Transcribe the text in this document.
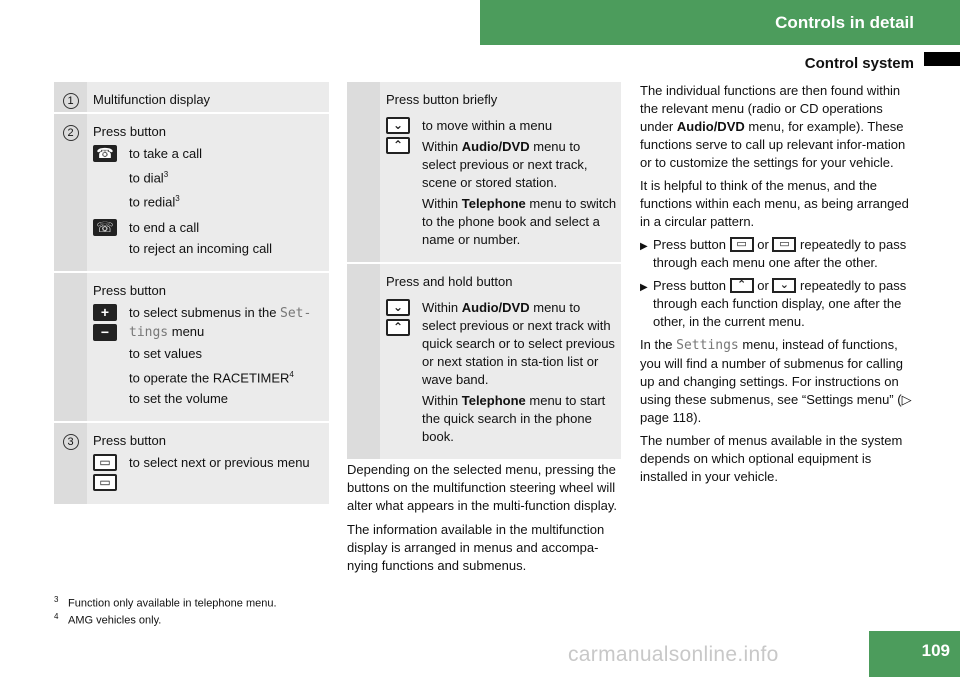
Controls in detail
Control system
1	Multifunction display
2	Press button
☎ to take a call

to dial$^3$

to redial$^3$

☏ to end a call

to reject an incoming call

Press button
+
−

to select submenus in the Set-tings menu

to set values

to operate the RACETIMER$^4$

to set the volume

3	Press button
▭
▭
to select next or previous menu
Press button briefly
⌄
⌃

to move within a menu

Within Audio/DVD menu to select previous or next track, scene or stored station.

Within Telephone menu to switch to the phone book and select a name or number.

Press and hold button
⌄
⌃

Within Audio/DVD menu to select previous or next track with quick search or to select previous or next station in sta-tion list or wave band.

Within Telephone menu to start the quick search in the phone book.

Depending on the selected menu, pressing the buttons on the multifunction steering wheel will alter what appears in the multi-function display.

The information available in the multifunction display is arranged in menus and accompa-nying functions and submenus.

The individual functions are then found within the relevant menu (radio or CD operations under Audio/DVD menu, for example). These functions serve to call up relevant infor-mation or to customize the settings for your vehicle.

It is helpful to think of the menus, and the functions within each menu, as being arranged in a circular pattern.

▶ Press button ▭ or ▭ repeatedly to pass through each menu one after the other.

▶ Press button ⌃ or ⌄ repeatedly to pass through each function display, one after the other, in the current menu.

In the Settings menu, instead of functions, you will find a number of submenus for calling up and changing settings. For instructions on using these submenus, see “Settings menu” (▷ page 118).

The number of menus available in the system depends on which optional equipment is installed in your vehicle.

$^3$ Function only available in telephone menu.
$^4$ AMG vehicles only.
109
carmanualsonline.info
